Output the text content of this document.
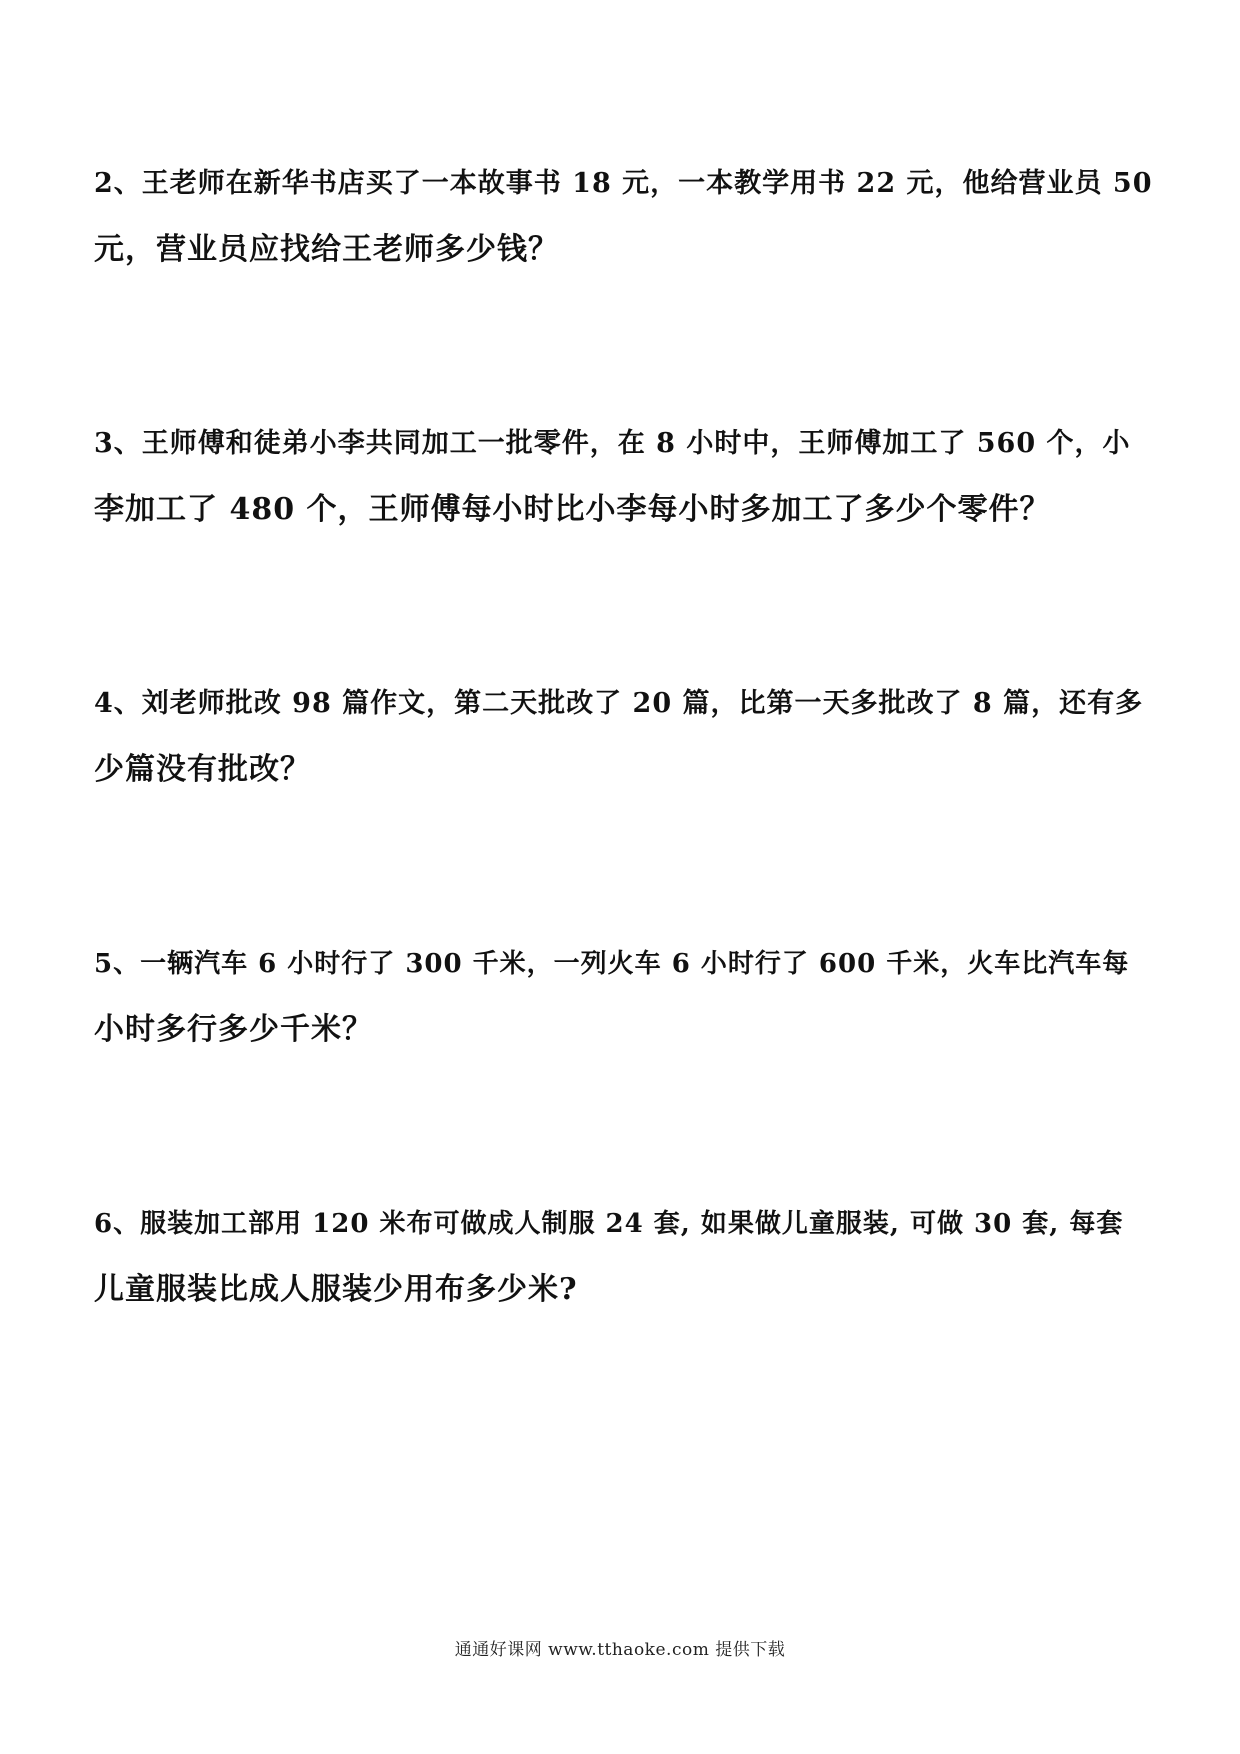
2、王老师在新华书店买了一本故事书 18 元，一本教学用书 22 元，他给营业员 50
元，营业员应找给王老师多少钱？
3、王师傅和徒弟小李共同加工一批零件，在 8 小时中，王师傅加工了 560 个，小
李加工了 480 个，王师傅每小时比小李每小时多加工了多少个零件？
4、刘老师批改 98 篇作文，第二天批改了 20 篇，比第一天多批改了 8 篇，还有多
少篇没有批改？
5、一辆汽车 6 小时行了 300 千米，一列火车 6 小时行了 600 千米，火车比汽车每
小时多行多少千米？
6、服装加工部用 120 米布可做成人制服 24 套, 如果做儿童服装, 可做 30 套, 每套
儿童服装比成人服装少用布多少米?
通通好课网 www.tthaoke.com 提供下载
